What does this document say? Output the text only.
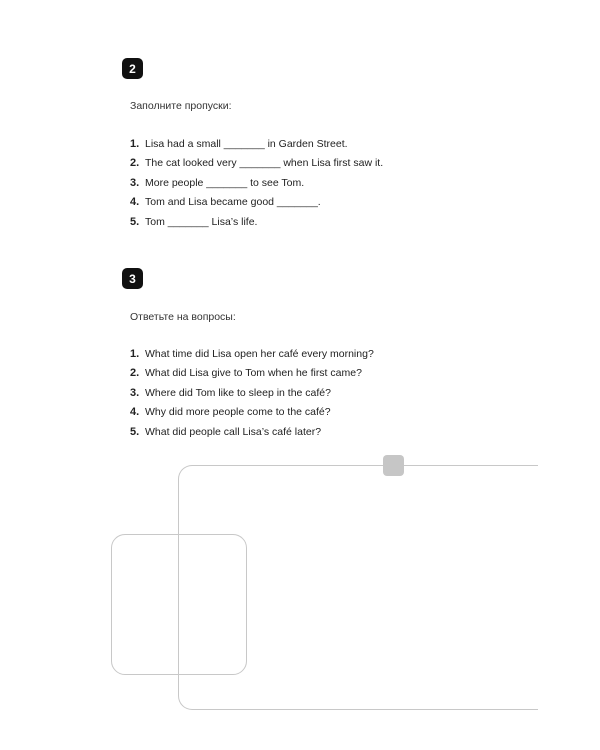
2
Заполните пропуски:
1. Lisa had a small _______ in Garden Street.
2. The cat looked very _______ when Lisa first saw it.
3. More people _______ to see Tom.
4. Tom and Lisa became good _______.
5. Tom _______ Lisa’s life.
3
Ответьте на вопросы:
1. What time did Lisa open her café every morning?
2. What did Lisa give to Tom when he first came?
3. Where did Tom like to sleep in the café?
4. Why did more people come to the café?
5. What did people call Lisa’s café later?
